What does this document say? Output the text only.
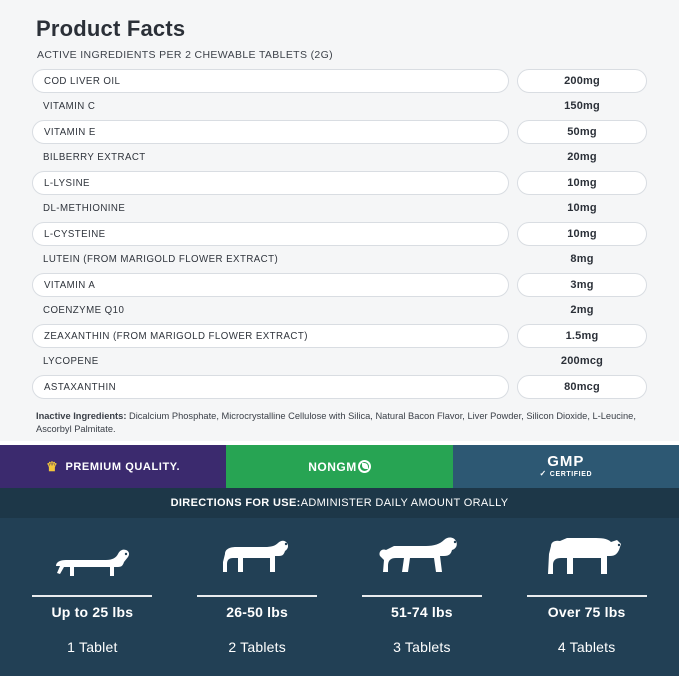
Product Facts
ACTIVE INGREDIENTS PER 2 CHEWABLE TABLETS (2G)
COD LIVER OIL	200mg
VITAMIN C	150mg
VITAMIN E	50mg
BILBERRY EXTRACT	20mg
L-LYSINE	10mg
DL-METHIONINE	10mg
L-CYSTEINE	10mg
LUTEIN (FROM MARIGOLD FLOWER EXTRACT)	8mg
VITAMIN A	3mg
COENZYME Q10	2mg
ZEAXANTHIN (FROM MARIGOLD FLOWER EXTRACT)	1.5mg
LYCOPENE	200mcg
ASTAXANTHIN	80mcg
Inactive Ingredients: Dicalcium Phosphate, Microcrystalline Cellulose with Silica, Natural Bacon Flavor, Liver Powder, Silicon Dioxide, L-Leucine, Ascorbyl Palmitate.
♛ PREMIUM QUALITY.	NON GM	GMP
✓ CERTIFIED
DIRECTIONS FOR USE: ADMINISTER DAILY AMOUNT ORALLY
Up to 25 lbs
1 Tablet
26-50 lbs
2 Tablets
51-74 lbs
3 Tablets
Over 75 lbs
4 Tablets
